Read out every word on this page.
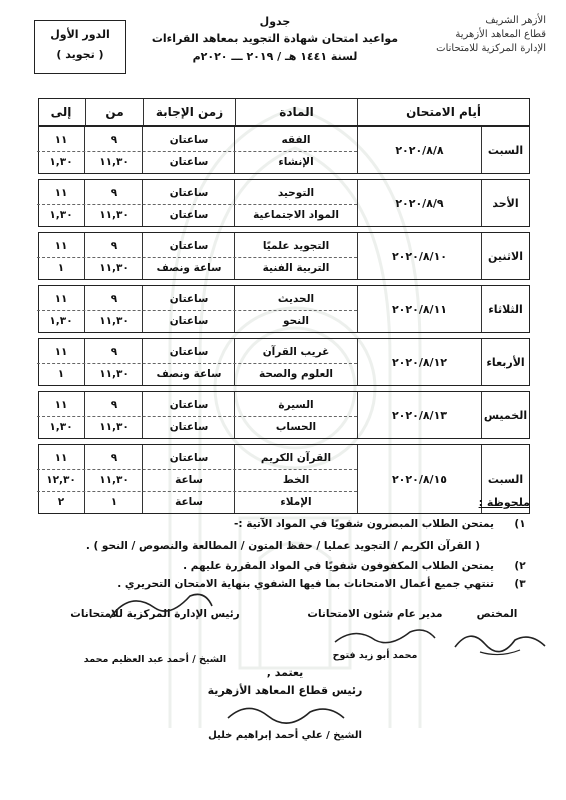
الدور الأول
( تجويد )
جدول
مواعيد امتحان شهادة التجويد بمعاهد القراءات
لسنة ١٤٤١ هـ / ٢٠١٩ ـــ ٢٠٢٠م
الأزهر الشريف
قطاع المعاهد الأزهرية
الإدارة المركزية للامتحانات
أيام الامتحان
المادة
زمن الإجابة
من
إلى
السبت
٢٠٢٠/٨/٨
الفقه
ساعتان
٩
١١
الإنشاء
ساعتان
١١,٣٠
١,٣٠
الأحد
٢٠٢٠/٨/٩
التوحيد
ساعتان
٩
١١
المواد الاجتماعية
ساعتان
١١,٣٠
١,٣٠
الاثنين
٢٠٢٠/٨/١٠
التجويد علميًا
ساعتان
٩
١١
التربية الفنية
ساعة ونصف
١١,٣٠
١
الثلاثاء
٢٠٢٠/٨/١١
الحديث
ساعتان
٩
١١
النحو
ساعتان
١١,٣٠
١,٣٠
الأربعاء
٢٠٢٠/٨/١٢
غريب القرآن
ساعتان
٩
١١
العلوم والصحة
ساعة ونصف
١١,٣٠
١
الخميس
٢٠٢٠/٨/١٣
السيرة
ساعتان
٩
١١
الحساب
ساعتان
١١,٣٠
١,٣٠
السبت
٢٠٢٠/٨/١٥
القرآن الكريم
ساعتان
٩
١١
الخط
ساعة
١١,٣٠
١٢,٣٠
الإملاء
ساعة
١
٢	ملحوظة :
١)
يمتحن الطلاب المبصرون شفويًا في المواد الآتية :-
( القرآن الكريم / التجويد عمليا / حفظ المتون / المطالعة والنصوص / النحو ) .
٢)
يمتحن الطلاب المكفوفون شفويًا في المواد المقررة عليهم .
٣)
تنتهي جميع أعمال الامتحانات بما فيها الشفوي بنهاية الامتحان التحريري .
المختص
مدير عام شئون الامتحانات
محمد أبو زيد فتوح
رئيس الإدارة المركزية للامتحانات
الشيخ / أحمد عبد العظيم محمد
يعتمد ,
رئيس قطاع المعاهد الأزهرية
الشيخ / علي أحمد إبراهيم خليل
